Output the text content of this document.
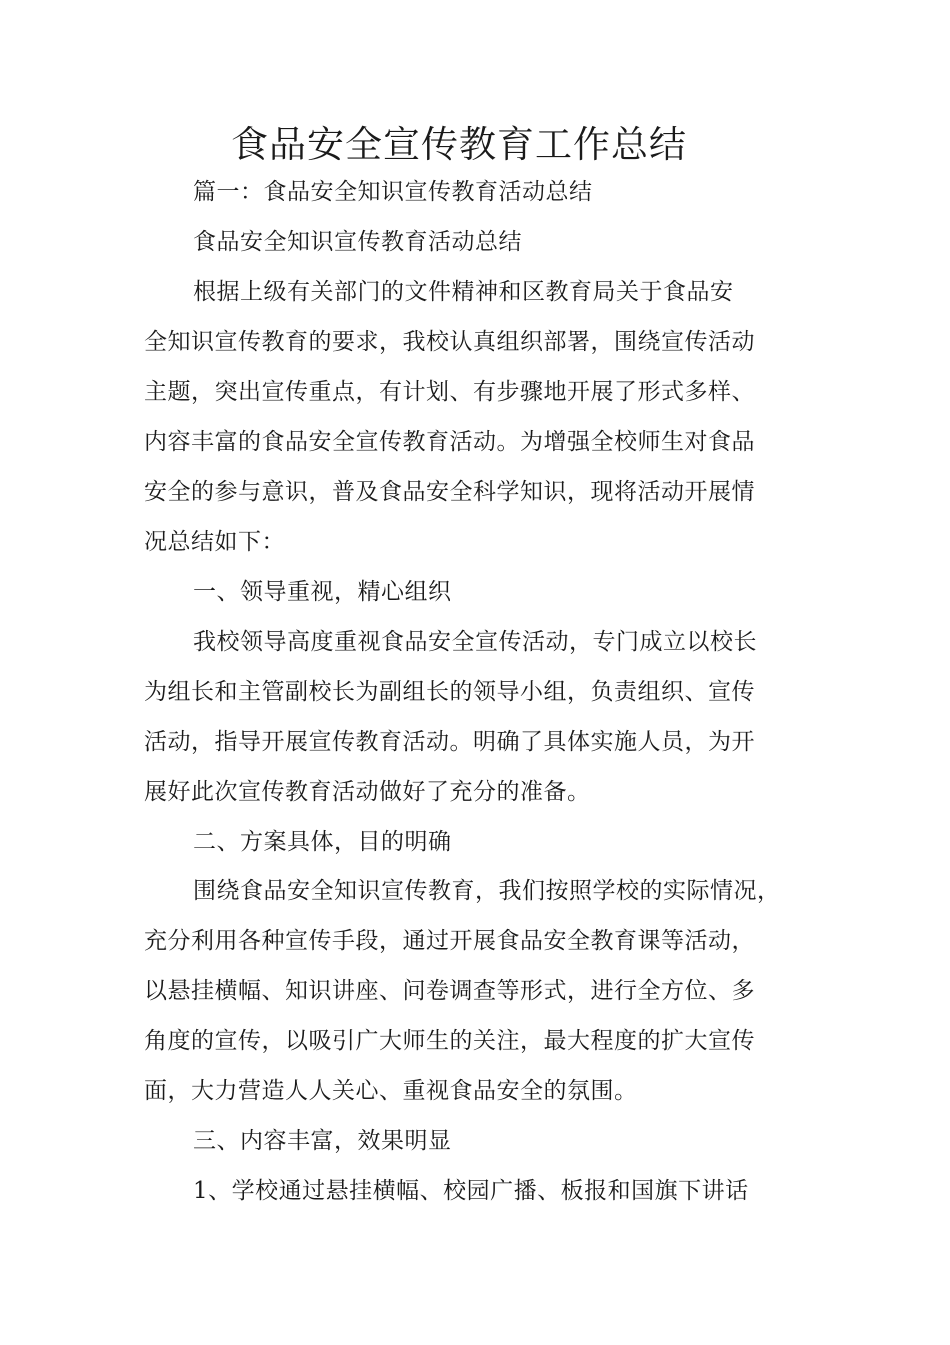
食品安全宣传教育工作总结
篇一：食品安全知识宣传教育活动总结
食品安全知识宣传教育活动总结
根据上级有关部门的文件精神和区教育局关于食品安
全知识宣传教育的要求，我校认真组织部署，围绕宣传活动
主题，突出宣传重点，有计划、有步骤地开展了形式多样、
内容丰富的食品安全宣传教育活动。为增强全校师生对食品
安全的参与意识，普及食品安全科学知识，现将活动开展情
况总结如下：
一、领导重视，精心组织
我校领导高度重视食品安全宣传活动，专门成立以校长
为组长和主管副校长为副组长的领导小组，负责组织、宣传
活动，指导开展宣传教育活动。明确了具体实施人员，为开
展好此次宣传教育活动做好了充分的准备。
二、方案具体，目的明确
围绕食品安全知识宣传教育，我们按照学校的实际情况，
充分利用各种宣传手段，通过开展食品安全教育课等活动，
以悬挂横幅、知识讲座、问卷调查等形式，进行全方位、多
角度的宣传，以吸引广大师生的关注，最大程度的扩大宣传
面，大力营造人人关心、重视食品安全的氛围。
三、内容丰富，效果明显
1、学校通过悬挂横幅、校园广播、板报和国旗下讲话
